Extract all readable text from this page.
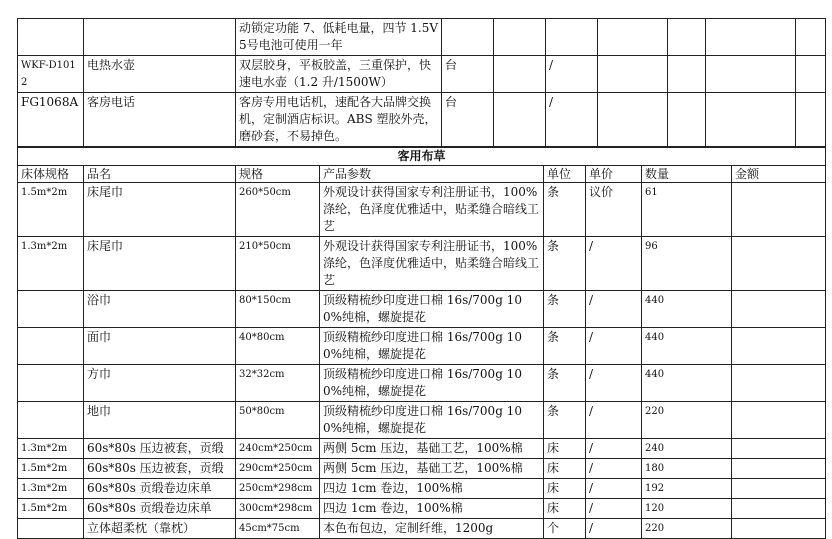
		动锁定功能 7、低耗电量，四节 1.5V5号电池可使用一年							
WKF-D1012	电热水壶	双层胶身，平板胶盖，三重保护，快速电水壶（1.2 升/1500W）	台		/				
FG1068A	客房电话	客房专用电话机，速配各大品牌交换机，定制酒店标识。ABS 塑胶外壳，磨砂套，不易掉色。	台		/				
客用布草							
床体规格	品名	规格	产品参数	单位	单价	数量	金额
1.5m*2m	床尾巾	260*50cm	外观设计获得国家专利注册证书，100%涤纶，色泽度优雅适中，贴柔缝合暗线工艺	条	议价	61	
1.3m*2m	床尾巾	210*50cm	外观设计获得国家专利注册证书，100%涤纶，色泽度优雅适中，贴柔缝合暗线工艺	条	/	96	
	浴巾	80*150cm	顶级精梳纱印度进口棉 16s/700g 100%纯棉，螺旋提花	条	/	440	
	面巾	40*80cm	顶级精梳纱印度进口棉 16s/700g 100%纯棉，螺旋提花	条	/	440	
	方巾	32*32cm	顶级精梳纱印度进口棉 16s/700g 100%纯棉，螺旋提花	条	/	440	
	地巾	50*80cm	顶级精梳纱印度进口棉 16s/700g 100%纯棉，螺旋提花	条	/	220	
1.3m*2m	60s*80s 压边被套，贡缎	240cm*250cm	两侧 5cm 压边，基础工艺，100%棉	床	/	240	
1.5m*2m	60s*80s 压边被套，贡缎	290cm*250cm	两侧 5cm 压边，基础工艺，100%棉	床	/	180	
1.3m*2m	60s*80s 贡缎卷边床单	250cm*298cm	四边 1cm 卷边，100%棉	床	/	192	
1.5m*2m	60s*80s 贡缎卷边床单	300cm*298cm	四边 1cm 卷边，100%棉	床	/	120	
	立体超柔枕（靠枕）	45cm*75cm	本色布包边，定制纤维，1200g	个	/	220	
